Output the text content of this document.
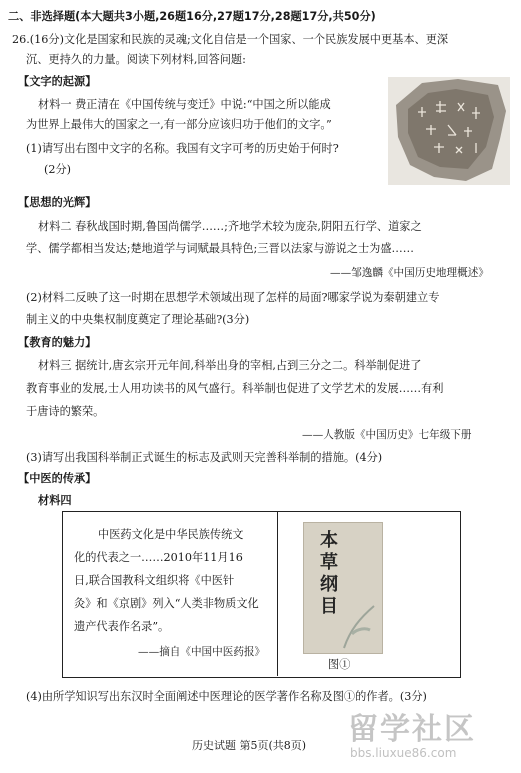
二、非选择题(本大题共3小题,26题16分,27题17分,28题17分,共50分)
26.(16分)文化是国家和民族的灵魂;文化自信是一个国家、一个民族发展中更基本、更深
沉、更持久的力量。阅读下列材料,回答问题:
【文字的起源】
材料一 费正清在《中国传统与变迁》中说:“中国之所以能成
为世界上最伟大的国家之一,有一部分应该归功于他们的文字。”
(1)请写出右图中文字的名称。我国有文字可考的历史始于何时?
(2分)
【思想的光辉】
材料二 春秋战国时期,鲁国尚儒学……;齐地学术较为庞杂,阴阳五行学、道家之
学、儒学都相当发达;楚地道学与词赋最具特色;三晋以法家与游说之士为盛……
——邹逸麟《中国历史地理概述》
(2)材料二反映了这一时期在思想学术领域出现了怎样的局面?哪家学说为秦朝建立专
制主义的中央集权制度奠定了理论基础?(3分)
【教育的魅力】
材料三 据统计,唐玄宗开元年间,科举出身的宰相,占到三分之二。科举制促进了
教育事业的发展,士人用功读书的风气盛行。科举制也促进了文学艺术的发展……有利
于唐诗的繁荣。
——人教版《中国历史》七年级下册
(3)请写出我国科举制正式诞生的标志及武则天完善科举制的措施。(4分)
【中医的传承】
材料四
中医药文化是中华民族传统文
化的代表之一……2010年11月16
日,联合国教科文组织将《中医针
灸》和《京剧》列入“人类非物质文化
遗产代表作名录”。
——摘自《中国中医药报》
本草纲目
图①
(4)由所学知识写出东汉时全面阐述中医理论的医学著作名称及图①的作者。(3分)
历史试题 第5页(共8页) 留学社区
bbs.liuxue86.com
